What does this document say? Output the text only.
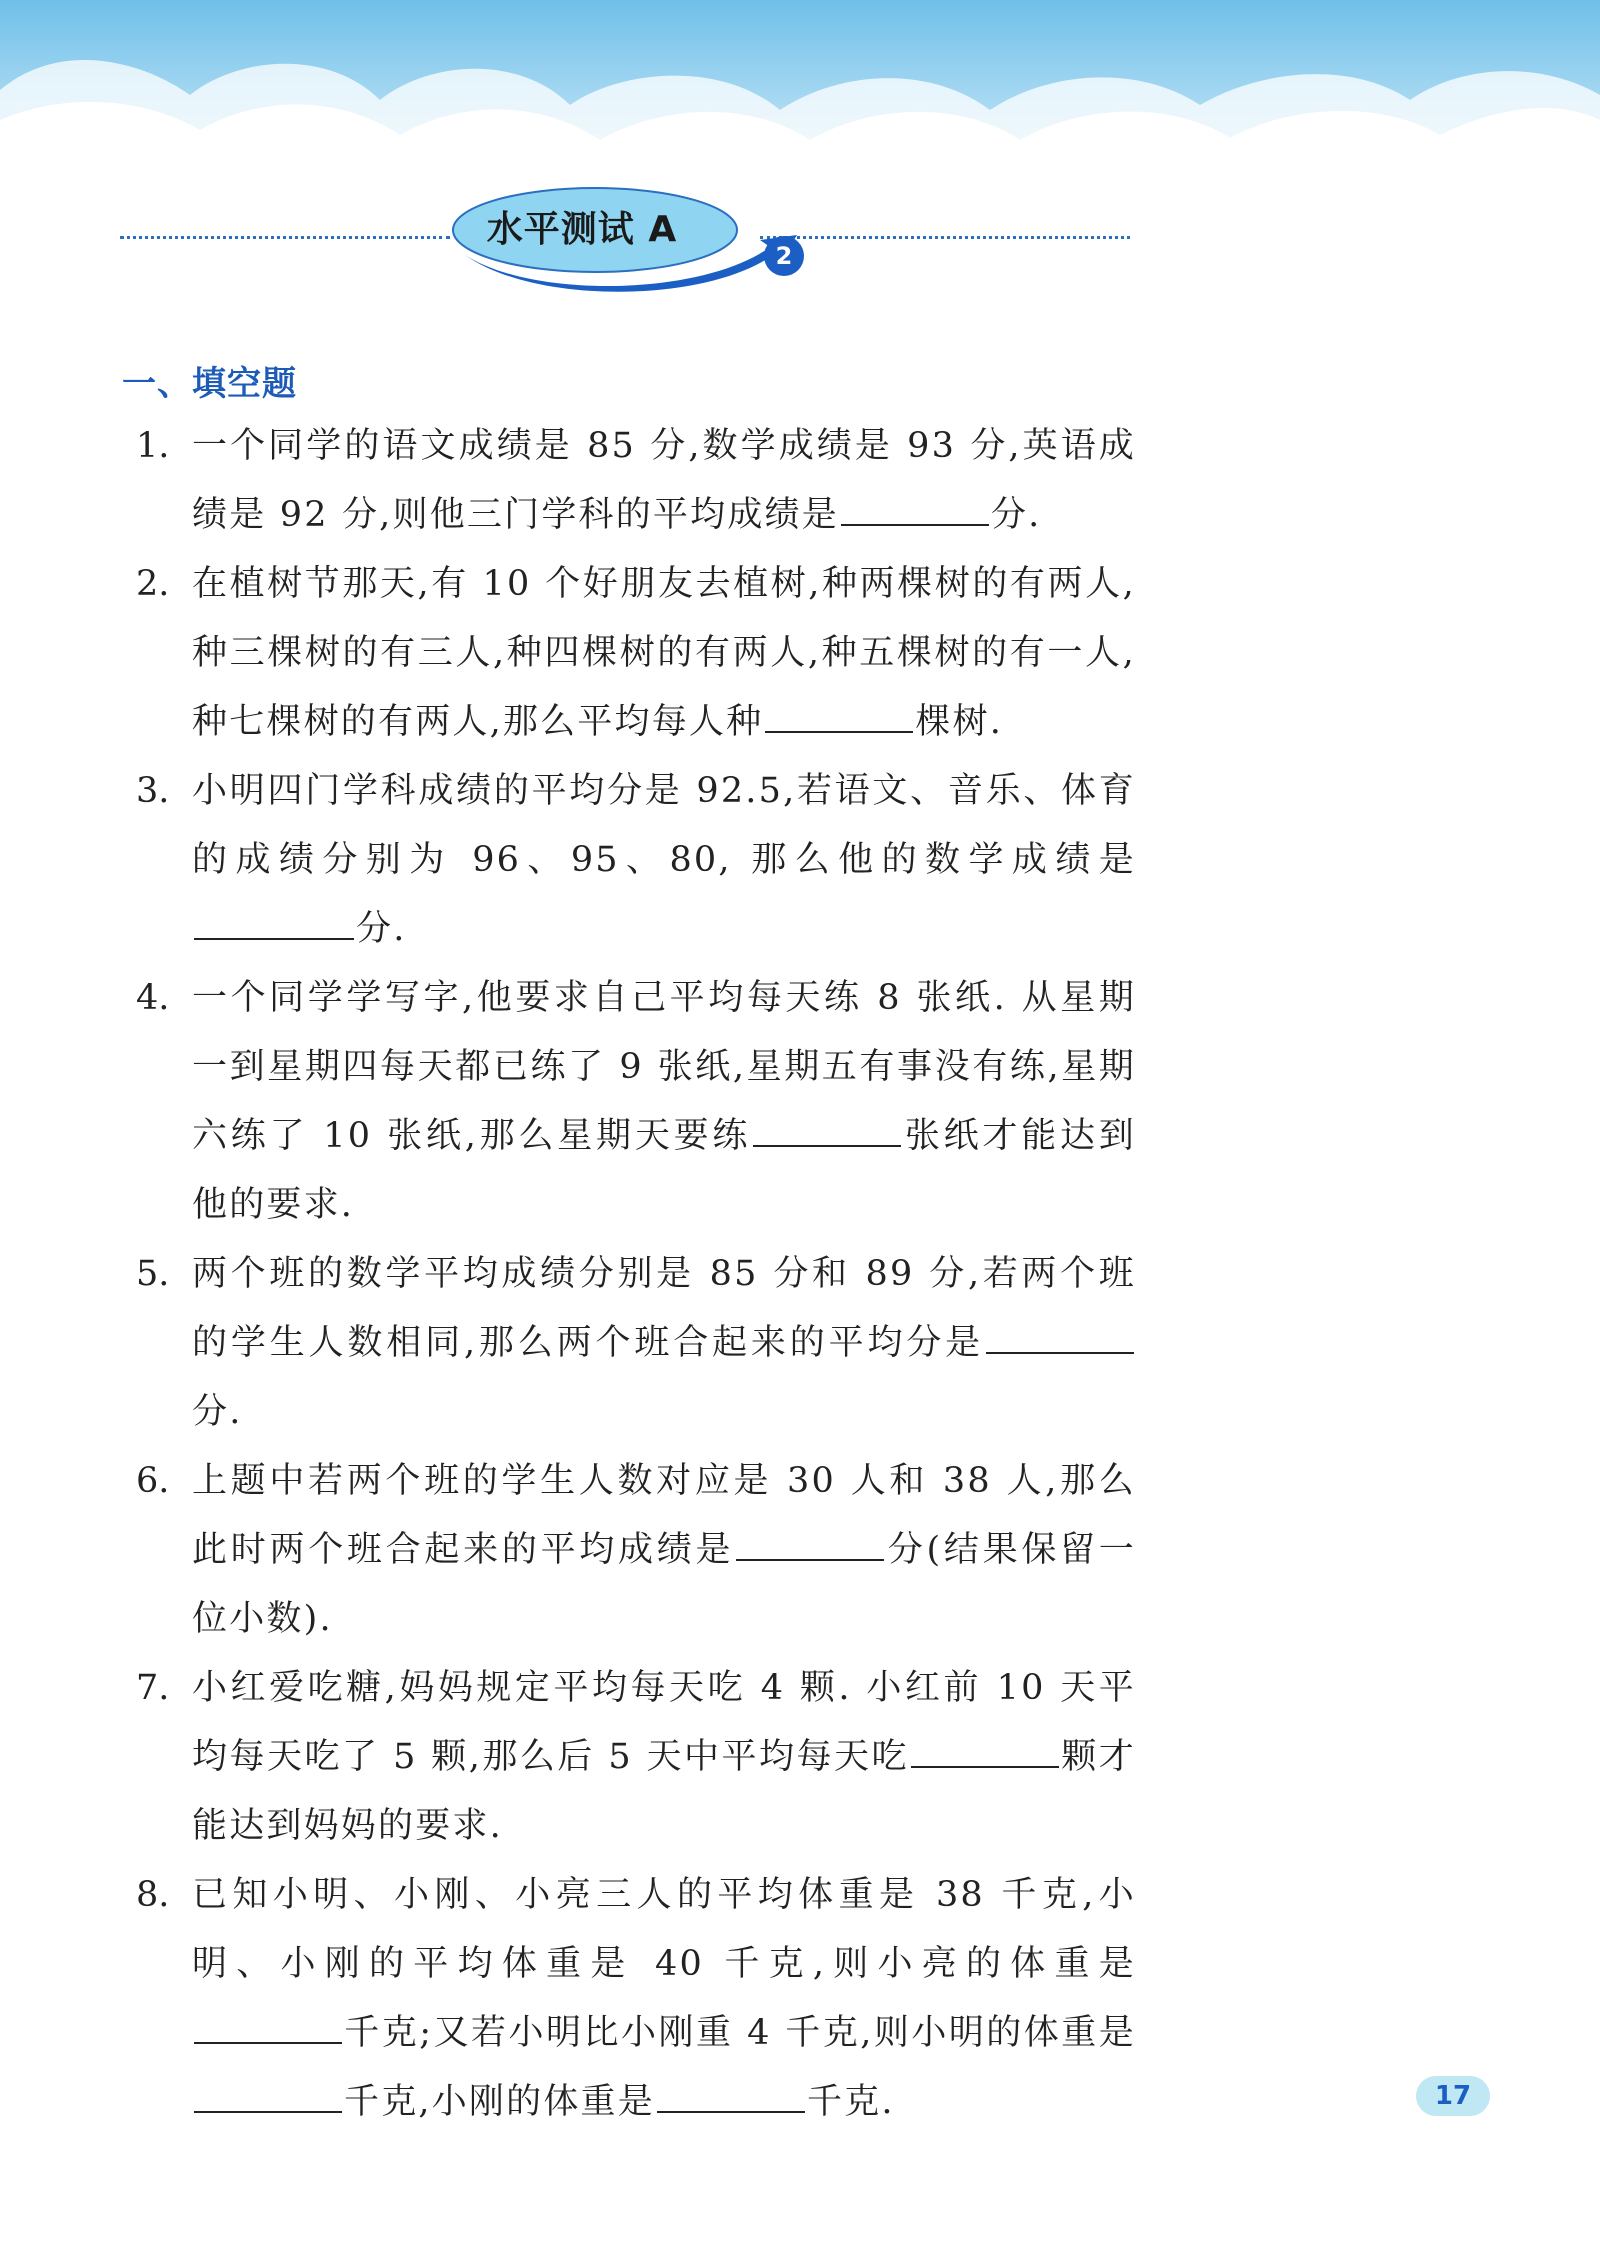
水平测试 A
2
一、填空题
1. 一个同学的语文成绩是 85 分,数学成绩是 93 分,英语成绩是 92 分,则他三门学科的平均成绩是	分.
2. 在植树节那天,有 10 个好朋友去植树,种两棵树的有两人,种三棵树的有三人,种四棵树的有两人,种五棵树的有一人,种七棵树的有两人,那么平均每人种	棵树.
3. 小明四门学科成绩的平均分是 92.5,若语文、音乐、体育的成绩分别为 96、95、80, 那么他的数学成绩是分.
4. 一个同学学写字,他要求自己平均每天练 8 张纸. 从星期一到星期四每天都已练了 9 张纸,星期五有事没有练,星期六练了 10 张纸,那么星期天要练	张纸才能达到他的要求.
5. 两个班的数学平均成绩分别是 85 分和 89 分,若两个班的学生人数相同,那么两个班合起来的平均分是分.
6. 上题中若两个班的学生人数对应是 30 人和 38 人,那么此时两个班合起来的平均成绩是	分(结果保留一位小数).
7. 小红爱吃糖,妈妈规定平均每天吃 4 颗. 小红前 10 天平均每天吃了 5 颗,那么后 5 天中平均每天吃	颗才能达到妈妈的要求.
8. 已知小明、小刚、小亮三人的平均体重是 38 千克,小明、小刚的平均体重是 40 千克,则小亮的体重是千克;又若小明比小刚重 4 千克,则小明的体重是千克,小刚的体重是	千克.	17
